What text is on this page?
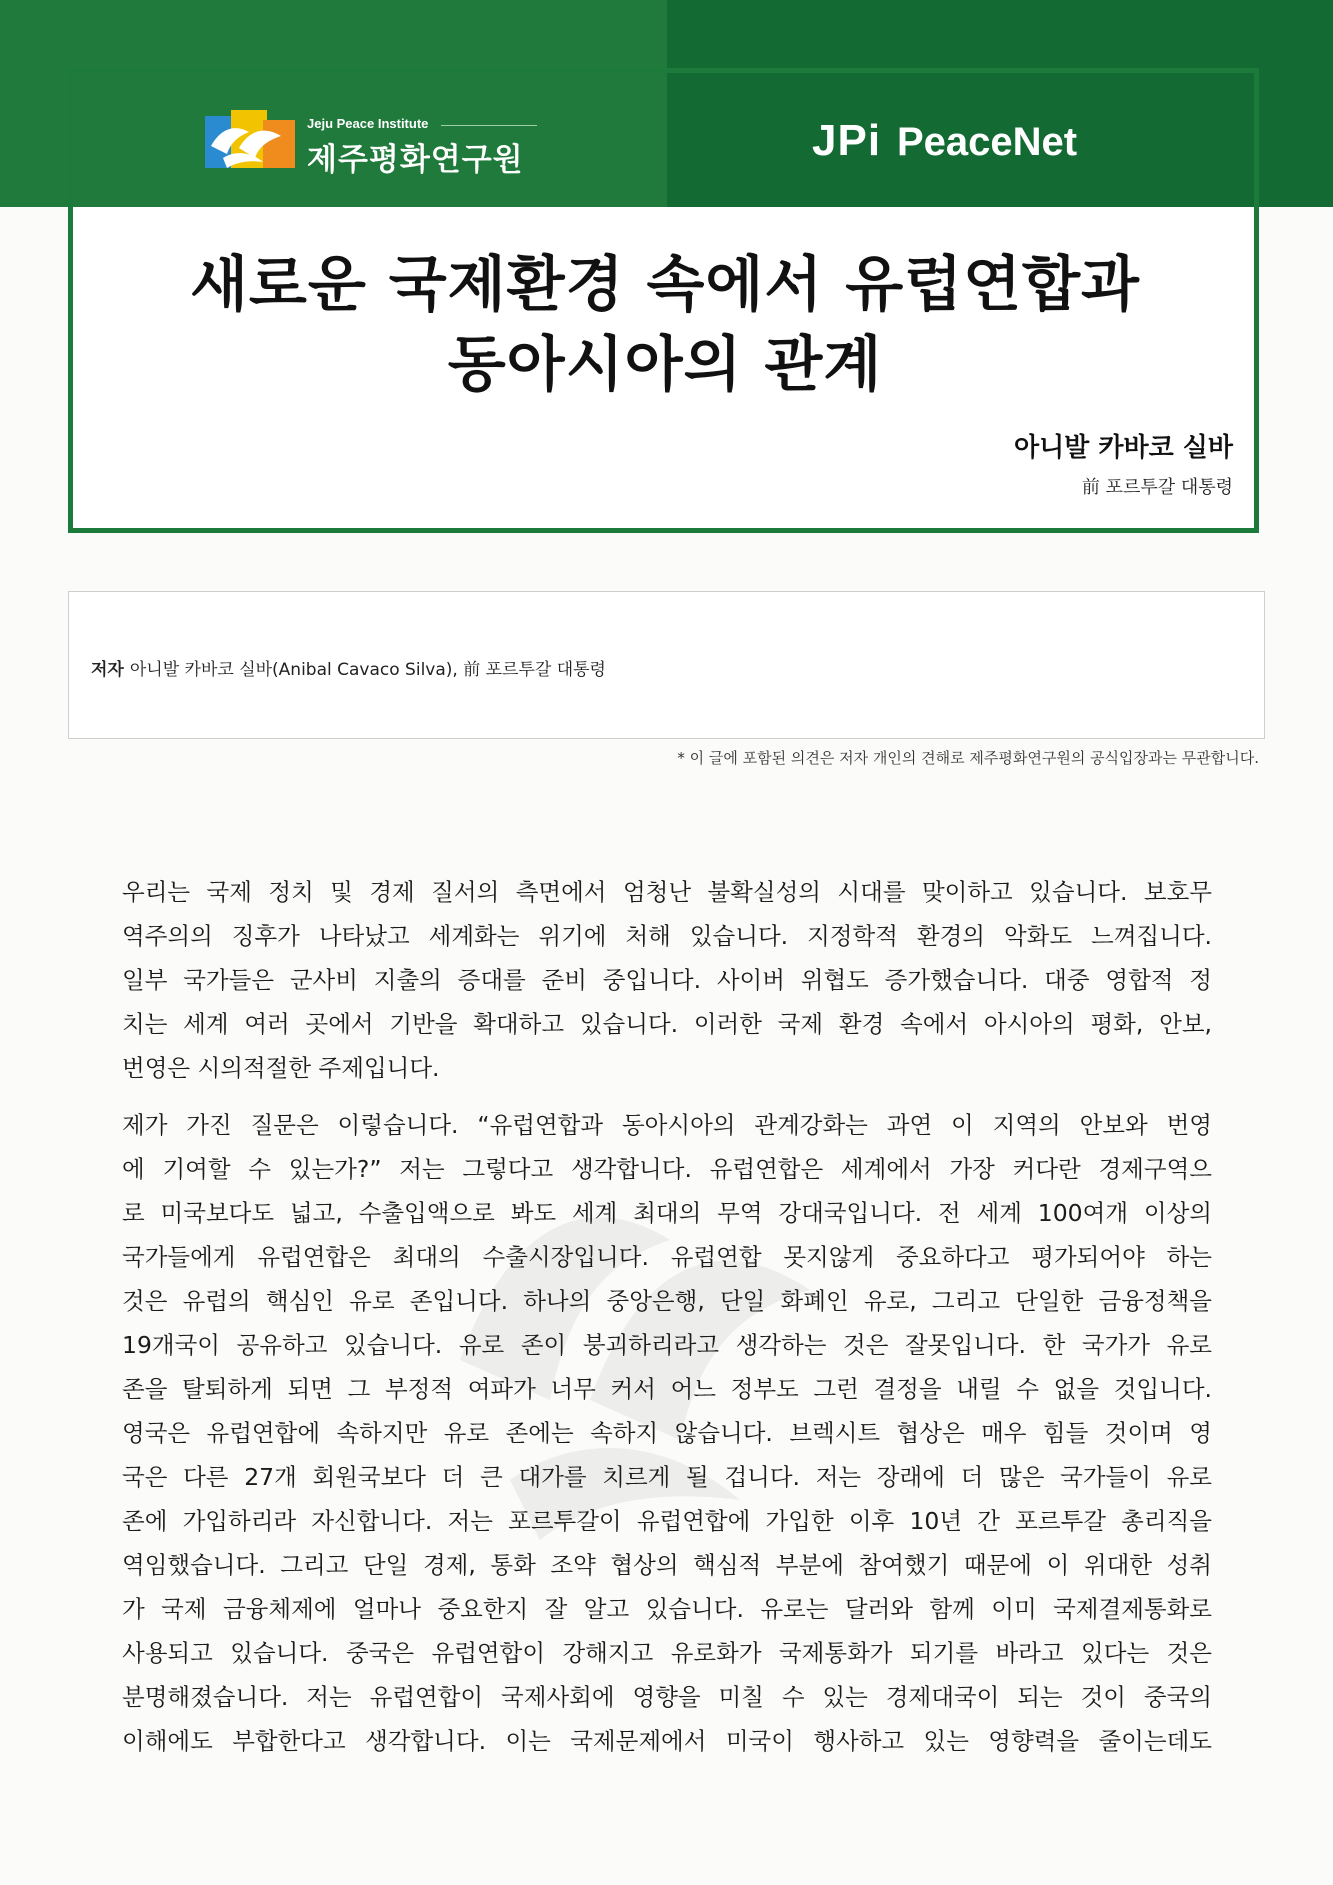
Jeju Peace Institute
제주평화연구원	JPi PeaceNet
새로운 국제환경 속에서 유럽연합과
동아시아의 관계
아니발 카바코 실바
前 포르투갈 대통령
저자 아니발 카바코 실바(Anibal Cavaco Silva), 前 포르투갈 대통령
* 이 글에 포함된 의견은 저자 개인의 견해로 제주평화연구원의 공식입장과는 무관합니다.

우리는 국제 정치 및 경제 질서의 측면에서 엄청난 불확실성의 시대를 맞이하고 있습니다. 보호무
역주의의 징후가 나타났고 세계화는 위기에 처해 있습니다. 지정학적 환경의 악화도 느껴집니다.
일부 국가들은 군사비 지출의 증대를 준비 중입니다. 사이버 위협도 증가했습니다. 대중 영합적 정
치는 세계 여러 곳에서 기반을 확대하고 있습니다. 이러한 국제 환경 속에서 아시아의 평화, 안보,
번영은 시의적절한 주제입니다.

제가 가진 질문은 이렇습니다. “유럽연합과 동아시아의 관계강화는 과연 이 지역의 안보와 번영
에 기여할 수 있는가?” 저는 그렇다고 생각합니다. 유럽연합은 세계에서 가장 커다란 경제구역으
로 미국보다도 넓고, 수출입액으로 봐도 세계 최대의 무역 강대국입니다. 전 세계 100여개 이상의
국가들에게 유럽연합은 최대의 수출시장입니다. 유럽연합 못지않게 중요하다고 평가되어야 하는
것은 유럽의 핵심인 유로 존입니다. 하나의 중앙은행, 단일 화폐인 유로, 그리고 단일한 금융정책을
19개국이 공유하고 있습니다. 유로 존이 붕괴하리라고 생각하는 것은 잘못입니다. 한 국가가 유로
존을 탈퇴하게 되면 그 부정적 여파가 너무 커서 어느 정부도 그런 결정을 내릴 수 없을 것입니다.
영국은 유럽연합에 속하지만 유로 존에는 속하지 않습니다. 브렉시트 협상은 매우 힘들 것이며 영
국은 다른 27개 회원국보다 더 큰 대가를 치르게 될 겁니다. 저는 장래에 더 많은 국가들이 유로
존에 가입하리라 자신합니다. 저는 포르투갈이 유럽연합에 가입한 이후 10년 간 포르투갈 총리직을
역임했습니다. 그리고 단일 경제, 통화 조약 협상의 핵심적 부분에 참여했기 때문에 이 위대한 성취
가 국제 금융체제에 얼마나 중요한지 잘 알고 있습니다. 유로는 달러와 함께 이미 국제결제통화로
사용되고 있습니다. 중국은 유럽연합이 강해지고 유로화가 국제통화가 되기를 바라고 있다는 것은
분명해졌습니다. 저는 유럽연합이 국제사회에 영향을 미칠 수 있는 경제대국이 되는 것이 중국의
이해에도 부합한다고 생각합니다. 이는 국제문제에서 미국이 행사하고 있는 영향력을 줄이는데도
